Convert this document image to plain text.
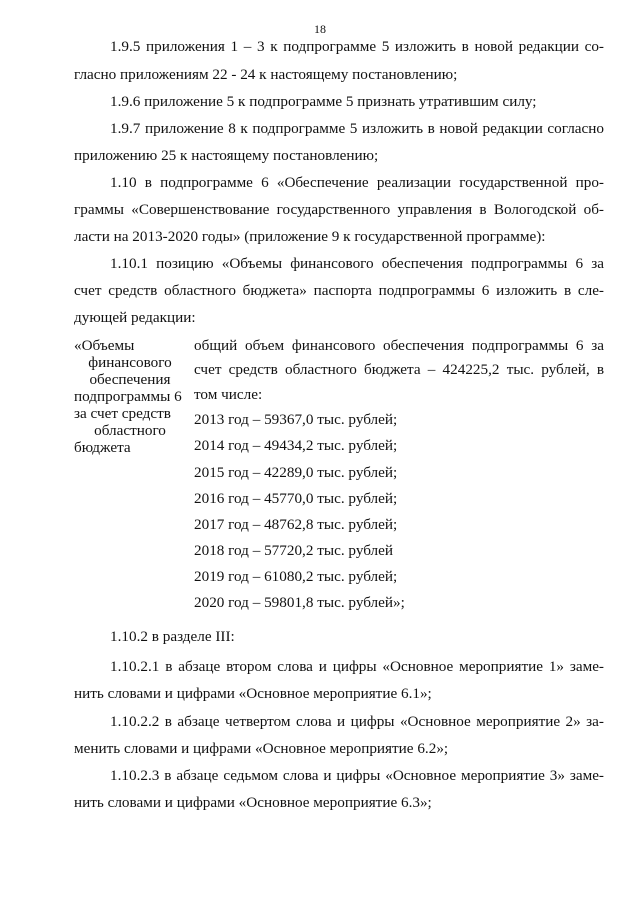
18
1.9.5 приложения 1 – 3 к подпрограмме 5 изложить в новой редакции со-
гласно приложениям 22 - 24 к настоящему постановлению;
1.9.6 приложение 5 к подпрограмме 5 признать утратившим силу;
1.9.7 приложение 8 к подпрограмме 5 изложить в новой редакции согласно
приложению 25 к настоящему постановлению;
1.10 в подпрограмме 6 «Обеспечение реализации государственной про-
граммы «Совершенствование государственного управления в Вологодской об-
ласти на 2013-2020 годы» (приложение 9 к государственной программе):
1.10.1 позицию «Объемы финансового обеспечения подпрограммы 6 за
счет средств областного бюджета» паспорта подпрограммы 6 изложить в сле-
дующей редакции:
«Объемы
финансового
обеспечения
подпрограммы 6
за счет средств
областного
бюджета
общий объем финансового обеспечения подпрограммы 6 за
счет средств областного бюджета – 424225,2 тыс. рублей, в
том числе:
2013 год – 59367,0 тыс. рублей;
2014 год – 49434,2 тыс. рублей;
2015 год – 42289,0 тыс. рублей;
2016 год – 45770,0 тыс. рублей;
2017 год – 48762,8 тыс. рублей;
2018 год – 57720,2 тыс. рублей
2019 год – 61080,2 тыс. рублей;
2020 год – 59801,8 тыс. рублей»;
1.10.2 в разделе III:
1.10.2.1 в абзаце втором слова и цифры «Основное мероприятие 1» заме-
нить словами и цифрами «Основное мероприятие 6.1»;
1.10.2.2 в абзаце четвертом слова и цифры «Основное мероприятие 2» за-
менить словами и цифрами «Основное мероприятие 6.2»;
1.10.2.3 в абзаце седьмом слова и цифры «Основное мероприятие 3» заме-
нить словами и цифрами «Основное мероприятие 6.3»;
